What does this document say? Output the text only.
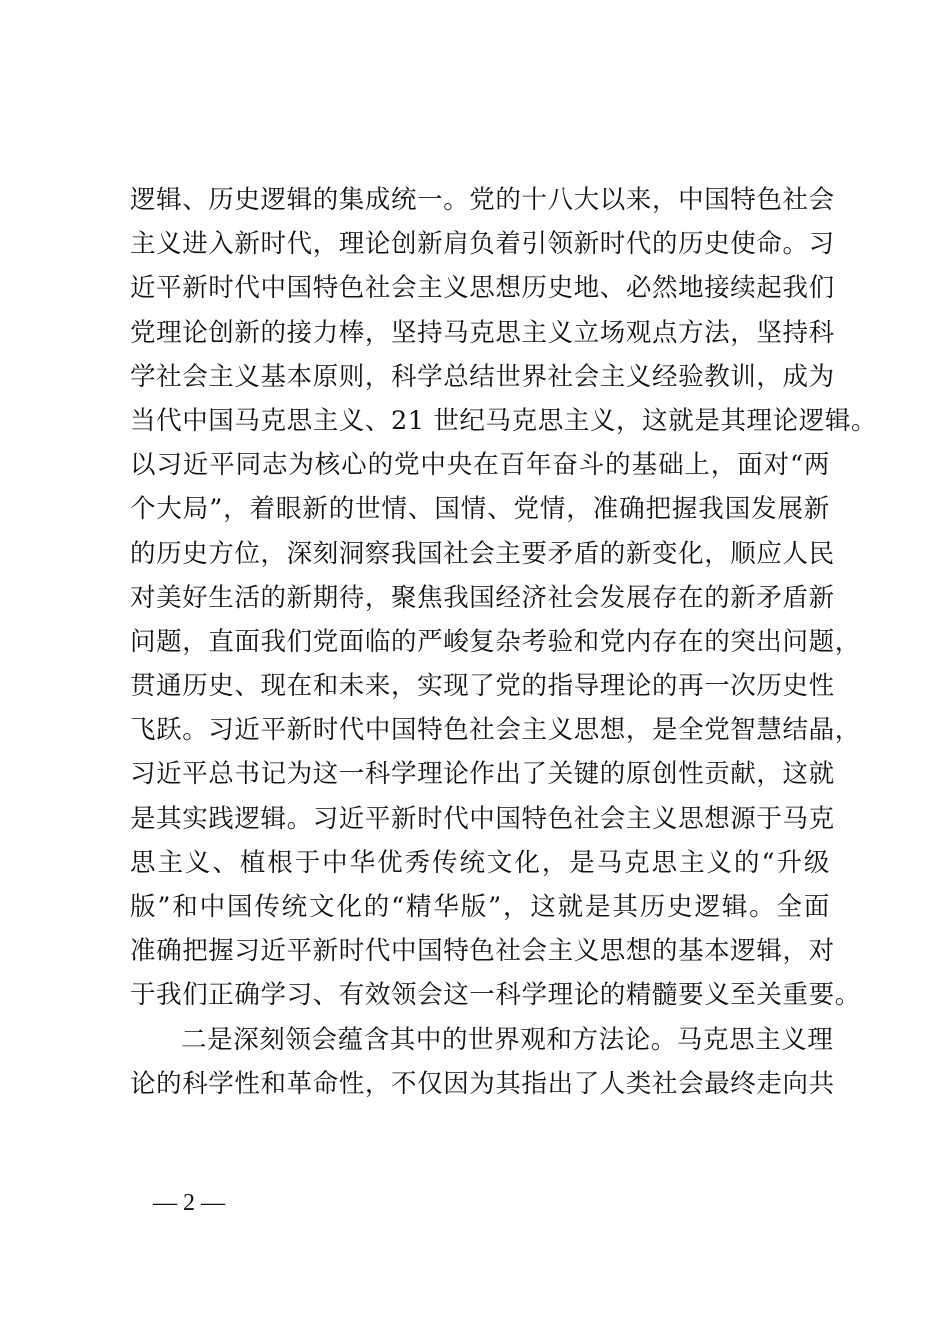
逻辑、历史逻辑的集成统一。党的十八大以来，中国特色社会
主义进入新时代，理论创新肩负着引领新时代的历史使命。习
近平新时代中国特色社会主义思想历史地、必然地接续起我们
党理论创新的接力棒，坚持马克思主义立场观点方法，坚持科
学社会主义基本原则，科学总结世界社会主义经验教训，成为
当代中国马克思主义、21 世纪马克思主义，这就是其理论逻辑。
以习近平同志为核心的党中央在百年奋斗的基础上，面对“两
个大局”，着眼新的世情、国情、党情，准确把握我国发展新
的历史方位，深刻洞察我国社会主要矛盾的新变化，顺应人民
对美好生活的新期待，聚焦我国经济社会发展存在的新矛盾新
问题，直面我们党面临的严峻复杂考验和党内存在的突出问题，
贯通历史、现在和未来，实现了党的指导理论的再一次历史性
飞跃。习近平新时代中国特色社会主义思想，是全党智慧结晶，
习近平总书记为这一科学理论作出了关键的原创性贡献，这就
是其实践逻辑。习近平新时代中国特色社会主义思想源于马克
思主义、植根于中华优秀传统文化，是马克思主义的“升级
版”和中国传统文化的“精华版”，这就是其历史逻辑。全面
准确把握习近平新时代中国特色社会主义思想的基本逻辑，对
于我们正确学习、有效领会这一科学理论的精髓要义至关重要。
二是深刻领会蕴含其中的世界观和方法论。马克思主义理
论的科学性和革命性，不仅因为其指出了人类社会最终走向共
— 2 —
